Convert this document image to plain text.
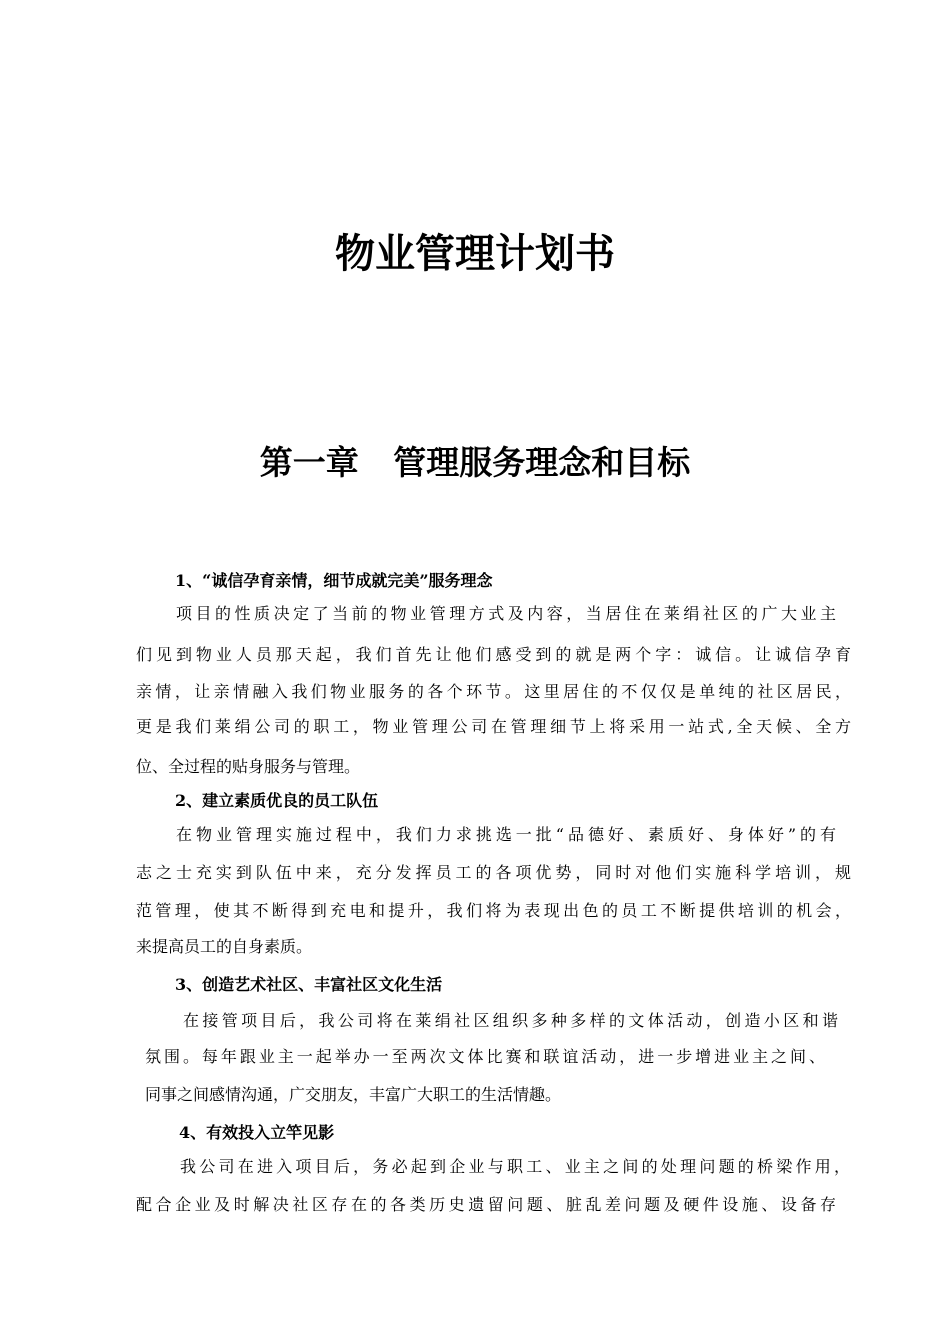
物业管理计划书
第一章   管理服务理念和目标

1、“诚信孕育亲情，细节成就完美”服务理念

项目的性质决定了当前的物业管理方式及内容，当居住在莱绢社区的广大业主

们见到物业人员那天起，我们首先让他们感受到的就是两个字：诚信。让诚信孕育

亲情，让亲情融入我们物业服务的各个环节。这里居住的不仅仅是单纯的社区居民，

更是我们莱绢公司的职工，物业管理公司在管理细节上将采用一站式,全天候、全方

位、全过程的贴身服务与管理。

2、建立素质优良的员工队伍

在物业管理实施过程中，我们力求挑选一批“品德好、素质好、身体好”的有

志之士充实到队伍中来，充分发挥员工的各项优势，同时对他们实施科学培训，规

范管理，使其不断得到充电和提升，我们将为表现出色的员工不断提供培训的机会，

来提高员工的自身素质。

3、创造艺术社区、丰富社区文化生活

在接管项目后，我公司将在莱绢社区组织多种多样的文体活动，创造小区和谐

氛围。每年跟业主一起举办一至两次文体比赛和联谊活动，进一步增进业主之间、

同事之间感情沟通，广交朋友，丰富广大职工的生活情趣。

4、有效投入立竿见影

我公司在进入项目后，务必起到企业与职工、业主之间的处理问题的桥梁作用，

配合企业及时解决社区存在的各类历史遗留问题、脏乱差问题及硬件设施、设备存
